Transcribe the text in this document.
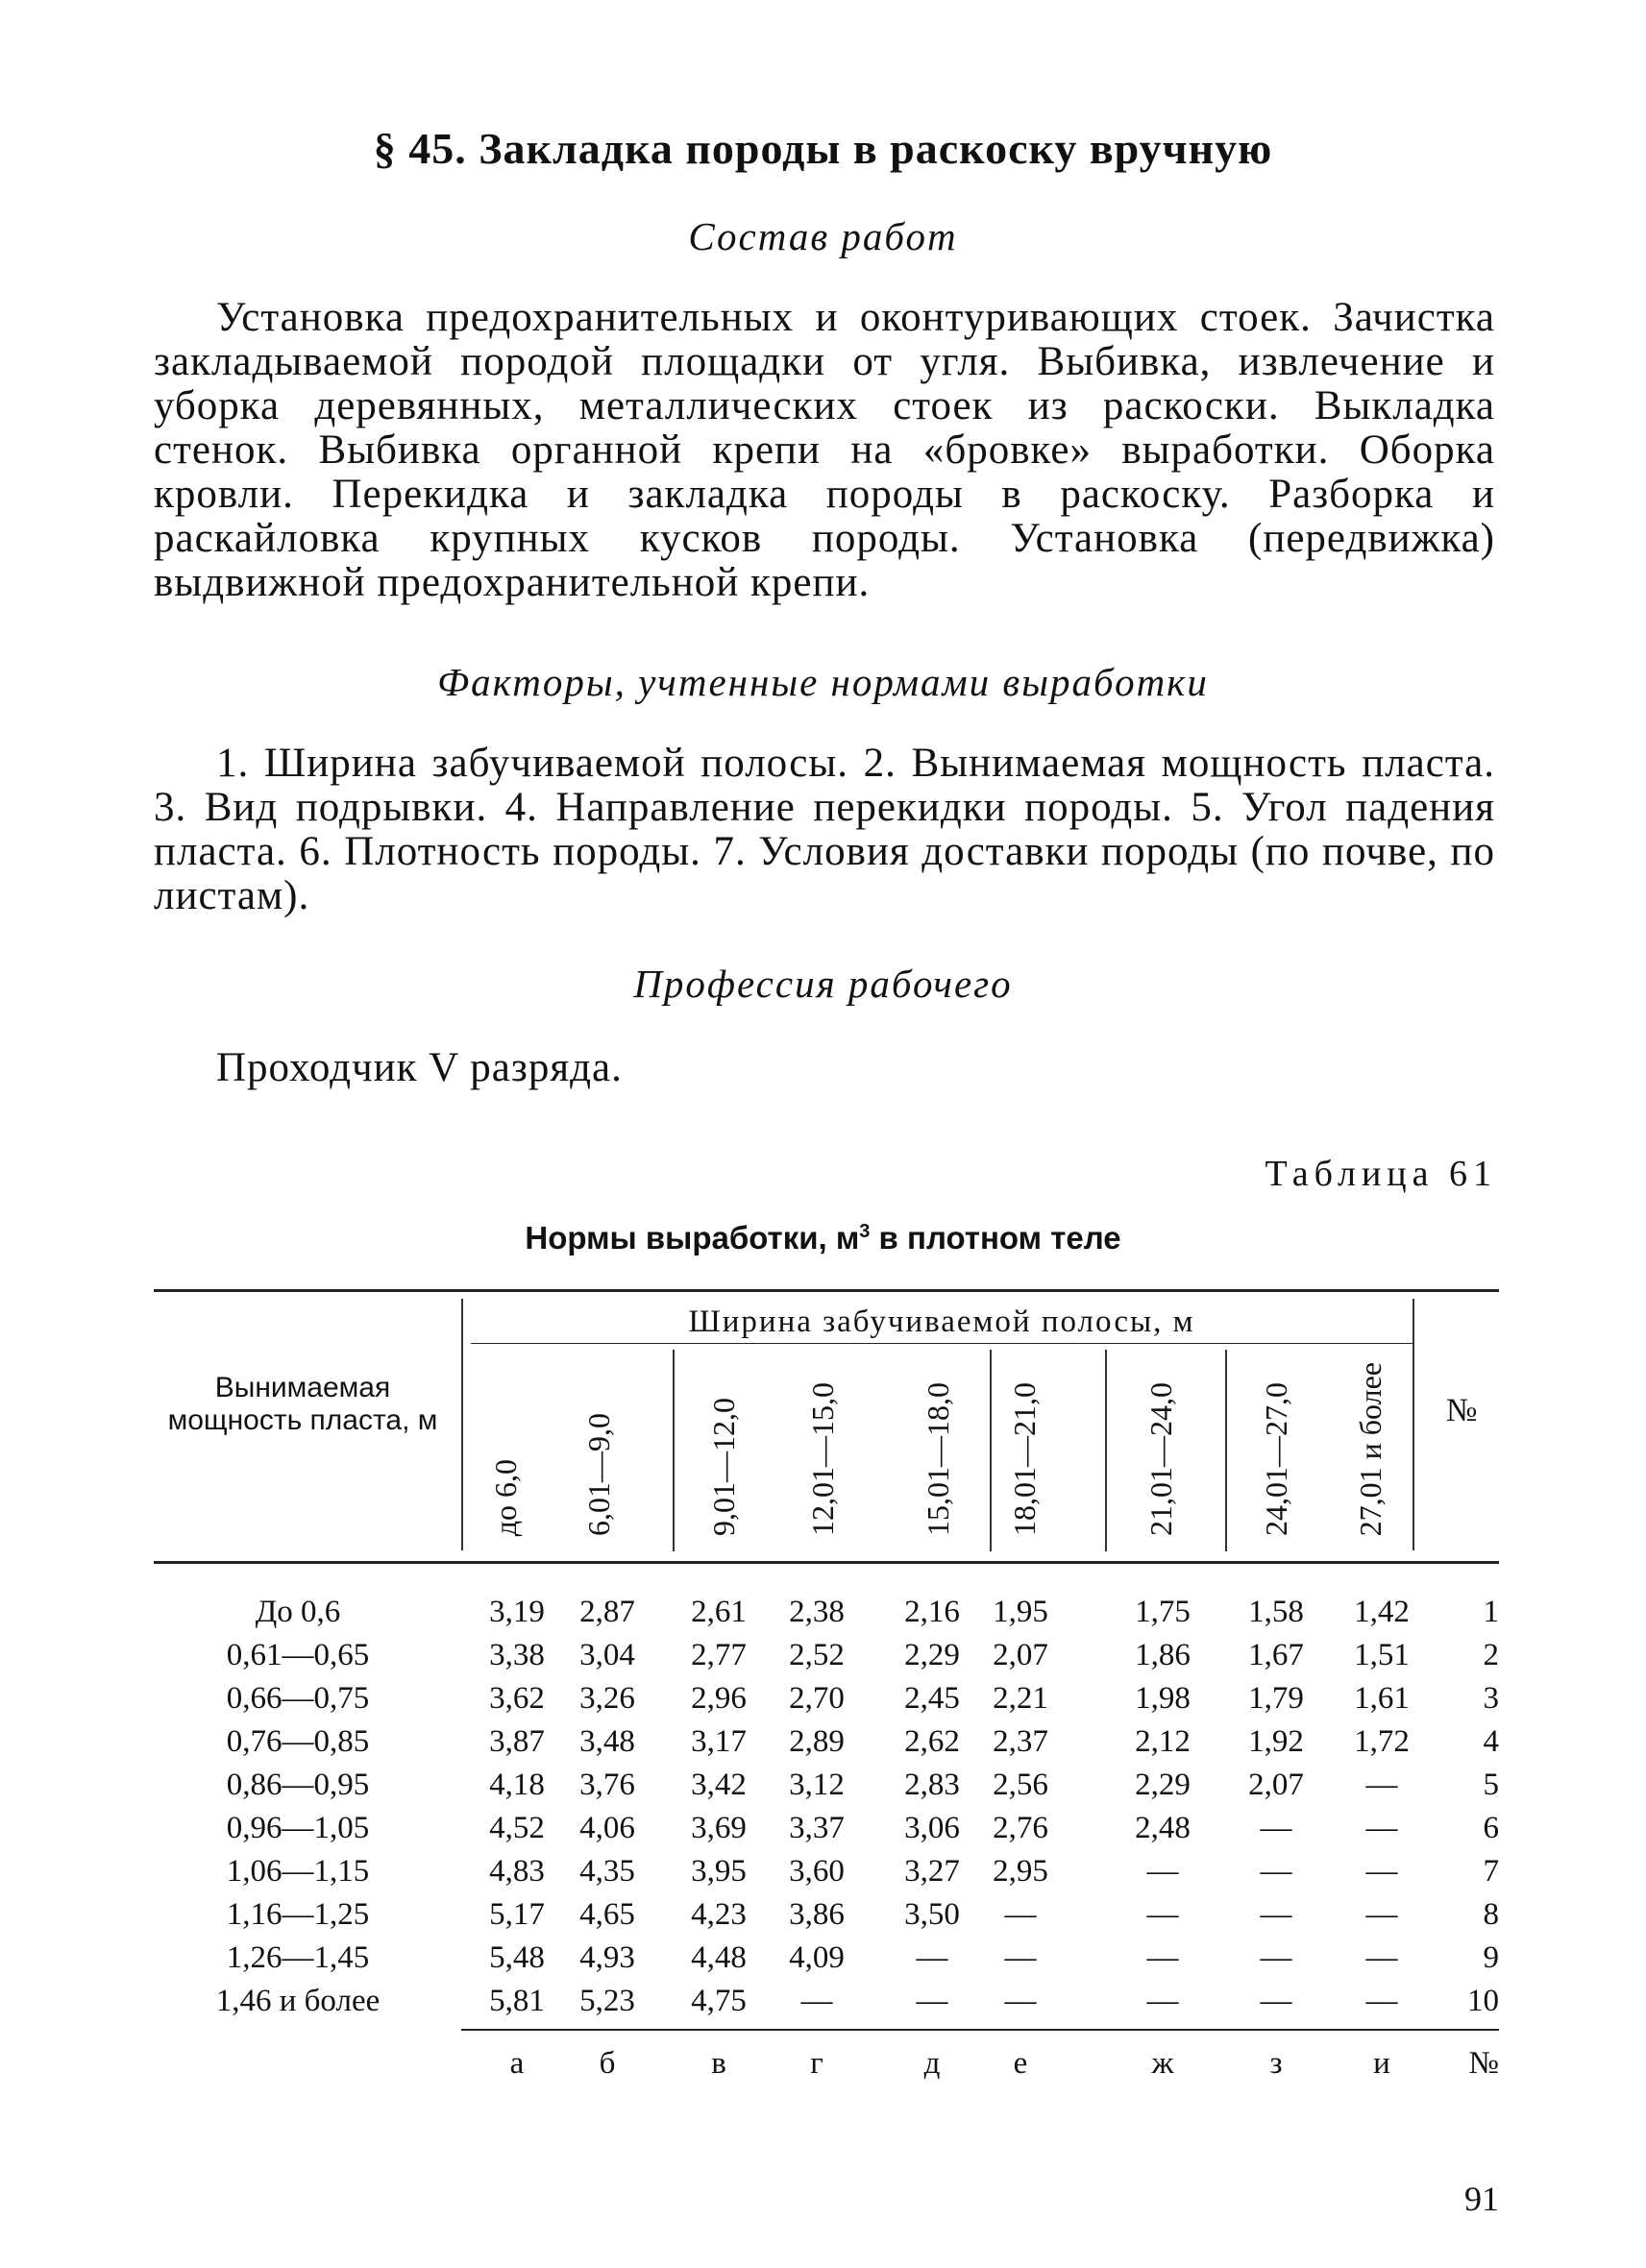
§ 45. Закладка породы в раскоску вручную
Состав работ

Установка предохранительных и оконтуривающих стоек. Зачистка закладываемой породой площадки от угля. Выбивка, извлечение и уборка деревянных, металлических стоек из раскоски. Выкладка стенок. Выбивка органной крепи на «бровке» выработки. Оборка кровли. Перекидка и закладка породы в раскоску. Разборка и раскайловка крупных кусков породы. Установка (передвижка) выдвижной предохранительной крепи.

Факторы, учтенные нормами выработки

1. Ширина забучиваемой полосы. 2. Вынимаемая мощность пласта. 3. Вид подрывки. 4. Направление перекидки породы. 5. Угол падения пласта. 6. Плотность породы. 7. Условия доставки породы (по почве, по листам).

Профессия рабочего
Проходчик V разряда.
Таблица 61
Нормы выработки, $м^3$ в плотном теле
Вынимаемая мощность пласта, м
Ширина забучиваемой полосы, м
№
до 6,0	6,01—9,0	9,01—12,0	12,01—15,0	15,01—18,0	18,01—21,0	21,01—24,0	24,01—27,0	27,01 и более
До 0,6	3,19	2,87	2,61	2,38	2,16	1,95	1,75	1,58	1,42	1
0,61—0,65	3,38	3,04	2,77	2,52	2,29	2,07	1,86	1,67	1,51	2
0,66—0,75	3,62	3,26	2,96	2,70	2,45	2,21	1,98	1,79	1,61	3
0,76—0,85	3,87	3,48	3,17	2,89	2,62	2,37	2,12	1,92	1,72	4
0,86—0,95	4,18	3,76	3,42	3,12	2,83	2,56	2,29	2,07	—	5
0,96—1,05	4,52	4,06	3,69	3,37	3,06	2,76	2,48	—	—	6
1,06—1,15	4,83	4,35	3,95	3,60	3,27	2,95	—	—	—	7
1,16—1,25	5,17	4,65	4,23	3,86	3,50	—	—	—	—	8
1,26—1,45	5,48	4,93	4,48	4,09	—	—	—	—	—	9
1,46 и более	5,81	5,23	4,75	—	—	—	—	—	—	10
а	б	в	г	д	е	ж	з	и	№
91
